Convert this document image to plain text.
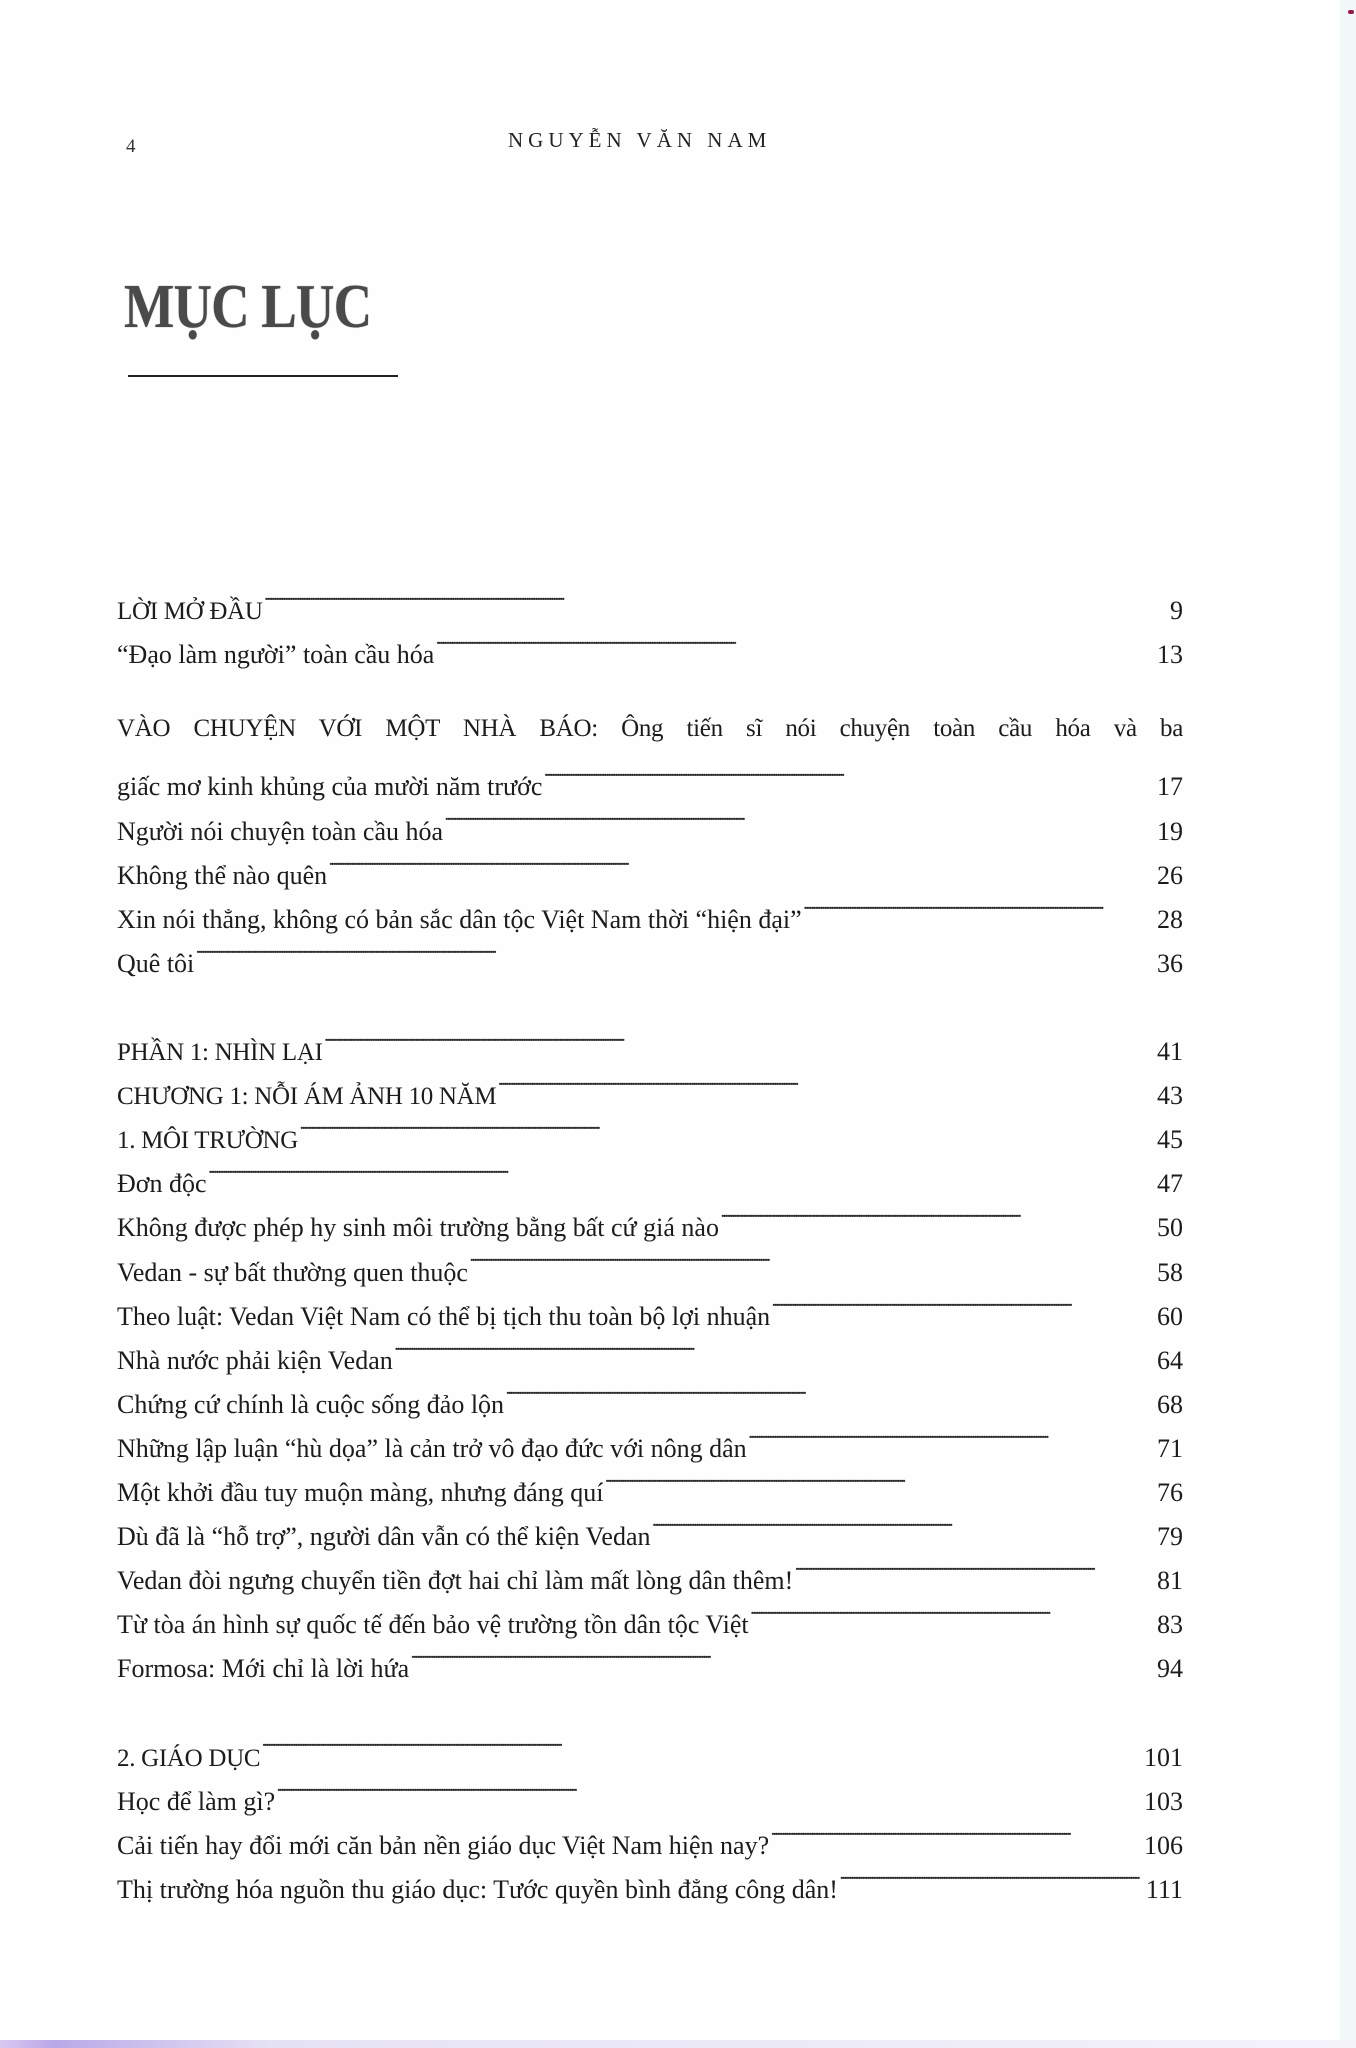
4	NGUYỄN VĂN NAM
MỤC LỤC
LỜI MỞ ĐẦU . . .	9
“Đạo làm người” toàn cầu hóa . . .	13
VÀO CHUYỆN VỚI MỘT NHÀ BÁO: Ông tiến sĩ nói chuyện toàn cầu hóa và ba
giấc mơ kinh khủng của mười năm trước . . .	17
Người nói chuyện toàn cầu hóa . . .	19
Không thể nào quên . . .	26
Xin nói thẳng, không có bản sắc dân tộc Việt Nam thời “hiện đại” . . .	28
Quê tôi . . .	36
PHẦN 1: NHÌN LẠI . . .	41
CHƯƠNG 1: NỖI ÁM ẢNH 10 NĂM . . .	43
1. MÔI TRƯỜNG . . .	45
Đơn độc . . .	47
Không được phép hy sinh môi trường bằng bất cứ giá nào . . .	50
Vedan - sự bất thường quen thuộc . . .	58
Theo luật: Vedan Việt Nam có thể bị tịch thu toàn bộ lợi nhuận . . .	60
Nhà nước phải kiện Vedan . . .	64
Chứng cứ chính là cuộc sống đảo lộn . . .	68
Những lập luận “hù dọa” là cản trở vô đạo đức với nông dân . . .	71
Một khởi đầu tuy muộn màng, nhưng đáng quí . . .	76
Dù đã là “hỗ trợ”, người dân vẫn có thể kiện Vedan . . .	79
Vedan đòi ngưng chuyển tiền đợt hai chỉ làm mất lòng dân thêm! . . .	81
Từ tòa án hình sự quốc tế đến bảo vệ trường tồn dân tộc Việt . . .	83
Formosa: Mới chỉ là lời hứa . . .	94
2. GIÁO DỤC . . .	101
Học để làm gì? . . .	103
Cải tiến hay đổi mới căn bản nền giáo dục Việt Nam hiện nay? . . .	106
Thị trường hóa nguồn thu giáo dục: Tước quyền bình đẳng công dân! . . .	111
